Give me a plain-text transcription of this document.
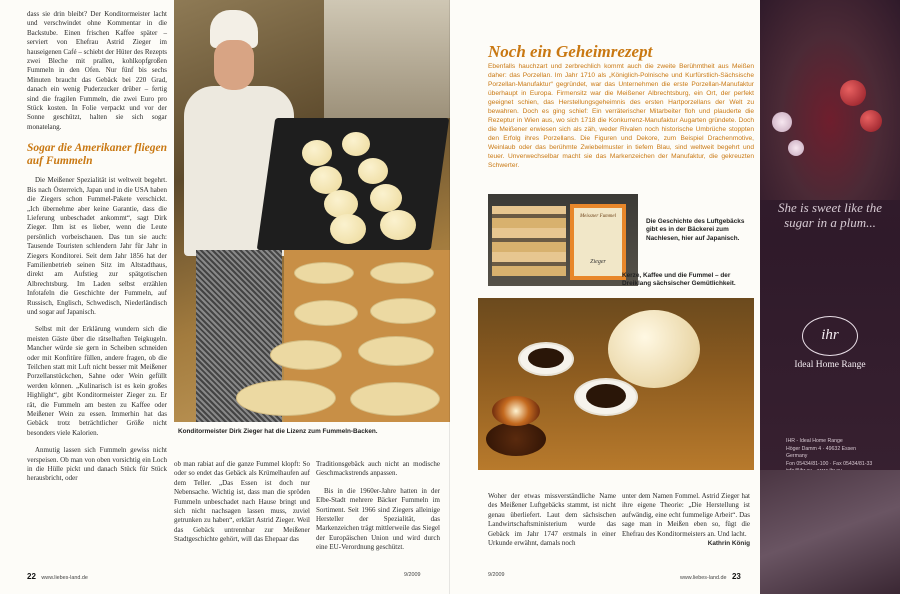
dass sie drin bleibt? Der Konditormeister lacht und verschwindet ohne Kommentar in die Backstube. Einen frischen Kaffee später – serviert von Ehefrau Astrid Zieger im hauseigenen Café – schiebt der Hüter des Rezepts zwei Bleche mit prallen, kohlkopfgroßen Fummeln in den Ofen. Nur fünf bis sechs Minuten braucht das Gebäck bei 220 Grad, danach ein wenig Puderzucker drüber – fertig sind die fragilen Fummeln, die zwei Euro pro Stück kosten. In Folie verpackt und vor der Sonne geschützt, halten sie sich sogar monatelang.

Sogar die Amerikaner fliegen auf Fummeln

Die Meißener Spezialität ist weltweit begehrt. Bis nach Österreich, Japan und in die USA haben die Ziegers schon Fummel-Pakete verschickt. „Ich übernehme aber keine Garantie, dass die Lieferung unbeschadet ankommt“, sagt Dirk Zieger. Ihm ist es lieber, wenn die Leute persönlich vorbeischauen. Das tun sie auch: Tausende Touristen schlendern Jahr für Jahr in Ziegers Konditorei. Seit dem Jahr 1856 hat der Familienbetrieb seinen Sitz im Altstadthaus, direkt am Aufstieg zur spätgotischen Albrechtsburg. Im Laden selbst erzählen Infotafeln die Geschichte der Fummeln, auf Russisch, Englisch, Schwedisch, Niederländisch und sogar auf Japanisch.

Selbst mit der Erklärung wundern sich die meisten Gäste über die rätselhaften Teigkugeln. Mancher würde sie gern in Scheiben schneiden oder mit Konfitüre füllen, andere fragen, ob die Teilchen statt mit Luft nicht besser mit Meißener Porzellanstückchen, Sahne oder Wein gefüllt werden können. „Kulinarisch ist es kein großes Highlight“, gibt Konditormeister Zieger zu. Er rät, die Fummeln am besten zu Kaffee oder Meißener Wein zu essen. Immerhin hat das Gebäck trotz beträchtlicher Größe nicht besonders viele Kalorien.

Anmutig lassen sich Fummeln gewiss nicht verspeisen. Ob man von oben vorsichtig ein Loch in die Hülle pickt und danach Stück für Stück herausbricht, oder

Konditormeister Dirk Zieger hat die Lizenz zum Fummeln-Backen.

ob man rabiat auf die ganze Fummel klopft: So oder so endet das Gebäck als Krümelhaufen auf dem Teller. „Das Essen ist doch nur Nebensache. Wichtig ist, dass man die spröden Fummeln unbeschadet nach Hause bringt und sich nicht nachsagen lassen muss, zuviel getrunken zu haben“, erklärt Astrid Zieger. Weil das Gebäck untrennbar zur Meißener Stadtgeschichte gehört, will das Ehepaar das

Traditionsgebäck auch nicht an modische Geschmackstrends anpassen.

Bis in die 1960er-Jahre hatten in der Elbe-Stadt mehrere Bäcker Fummeln im Sortiment. Seit 1966 sind Ziegers alleinige Hersteller der Spezialität, das Markenzeichen trägt mittlerweile das Siegel der Europäischen Union und wird durch eine EU-Verordnung geschützt.

22 www.liebes-land.de	9/2009
Noch ein Geheimrezept
Ebenfalls hauchzart und zerbrechlich kommt auch die zweite Berühmtheit aus Meißen daher: das Porzellan. Im Jahr 1710 als „Königlich-Polnische und Kurfürstlich-Sächsische Porzellan-Manufaktur“ gegründet, war das Unternehmen die erste Porzellan-Manufaktur überhaupt in Europa. Firmensitz war die Meißener Albrechtsburg, ein Ort, der perfekt geeignet schien, das Herstellungsgeheimnis des ersten Hartporzellans der Welt zu bewahren. Doch es ging schief: Ein verräterischer Mitarbeiter floh und plauderte die Rezeptur in Wien aus, wo sich 1718 die Konkurrenz-Manufaktur Augarten gründete. Doch die Meißener erwiesen sich als zäh, weder Rivalen noch historische Umbrüche stoppten den Erfolg ihres Porzellans. Die Figuren und Dekore, zum Beispiel Drachenmotive, Weinlaub oder das berühmte Zwiebelmuster in tiefem Blau, sind weltweit begehrt und teuer. Unverwechselbar macht sie das Markenzeichen der Manufaktur, die gekreuzten Schwerter.
Meissner Fummel
Zieger
Die Geschichte des Luftgebäcks gibt es in der Bäckerei zum Nachlesen, hier auf Japanisch.
Kerze, Kaffee und die Fummel – der Dreiklang sächsischer Gemütlichkeit.

Woher der etwas missverständliche Name des Meißener Luftgebäcks stammt, ist nicht genau überliefert. Laut dem sächsischen Landwirtschaftsministerium wurde das Gebäck im Jahr 1747 erstmals in einer Urkunde erwähnt, damals noch

unter dem Namen Fommel. Astrid Zieger hat ihre eigene Theorie: „Die Herstellung ist aufwändig, eine echt fummelige Arbeit“. Das sage man in Meißen eben so, fügt die Ehefrau des Konditormeisters an. Und lacht.

Kathrin König
9/2009	www.liebes-land.de 23
She is sweet like the sugar in a plum...
ihr
Ideal Home Range
IHR - Ideal Home Range
Höger Damm 4 · 49632 Essen
Germany
Fon 05434/81-100 · Fax 05434/81-33
